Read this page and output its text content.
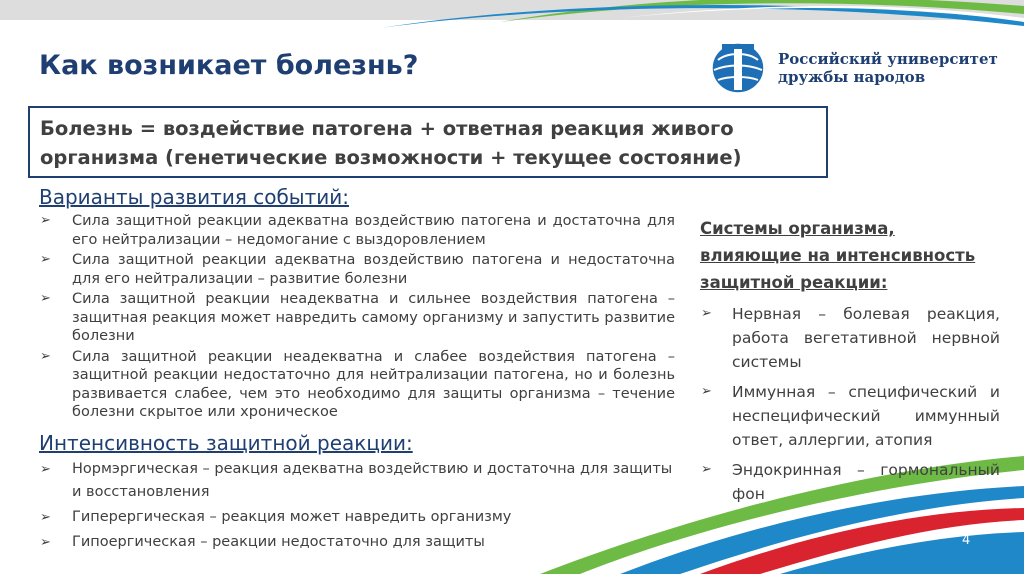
Как возникает болезнь?	Российский университет
дружбы народов
Болезнь = воздействие патогена + ответная реакция живого
организма (генетические возможности + текущее состояние)
Варианты развития событий:
➢ Сила защитной реакции адекватна воздействию патогена и достаточна для его нейтрализации – недомогание с выздоровлением
➢ Сила защитной реакции адекватна воздействию патогена и недостаточна для его нейтрализации – развитие болезни
➢ Сила защитной реакции неадекватна и сильнее воздействия патогена – защитная реакция может навредить самому организму и запустить развитие болезни
➢ Сила защитной реакции неадекватна и слабее воздействия патогена – защитной реакции недостаточно для нейтрализации патогена, но и болезнь развивается слабее, чем это необходимо для защиты организма – течение болезни скрытое или хроническое
Интенсивность защитной реакции:
➢ Нормэргическая – реакция адекватна воздействию и достаточна для защиты и восстановления
➢ Гиперергическая – реакция может навредить организму
➢ Гипоергическая – реакции недостаточно для защиты
Системы организма,
влияющие на интенсивность
защитной реакции:
➢ Нервная – болевая реакция, работа вегетативной нервной системы
➢ Иммунная – специфический и неспецифический иммунный ответ, аллергии, атопия
➢ Эндокринная – гормональный фон
4
